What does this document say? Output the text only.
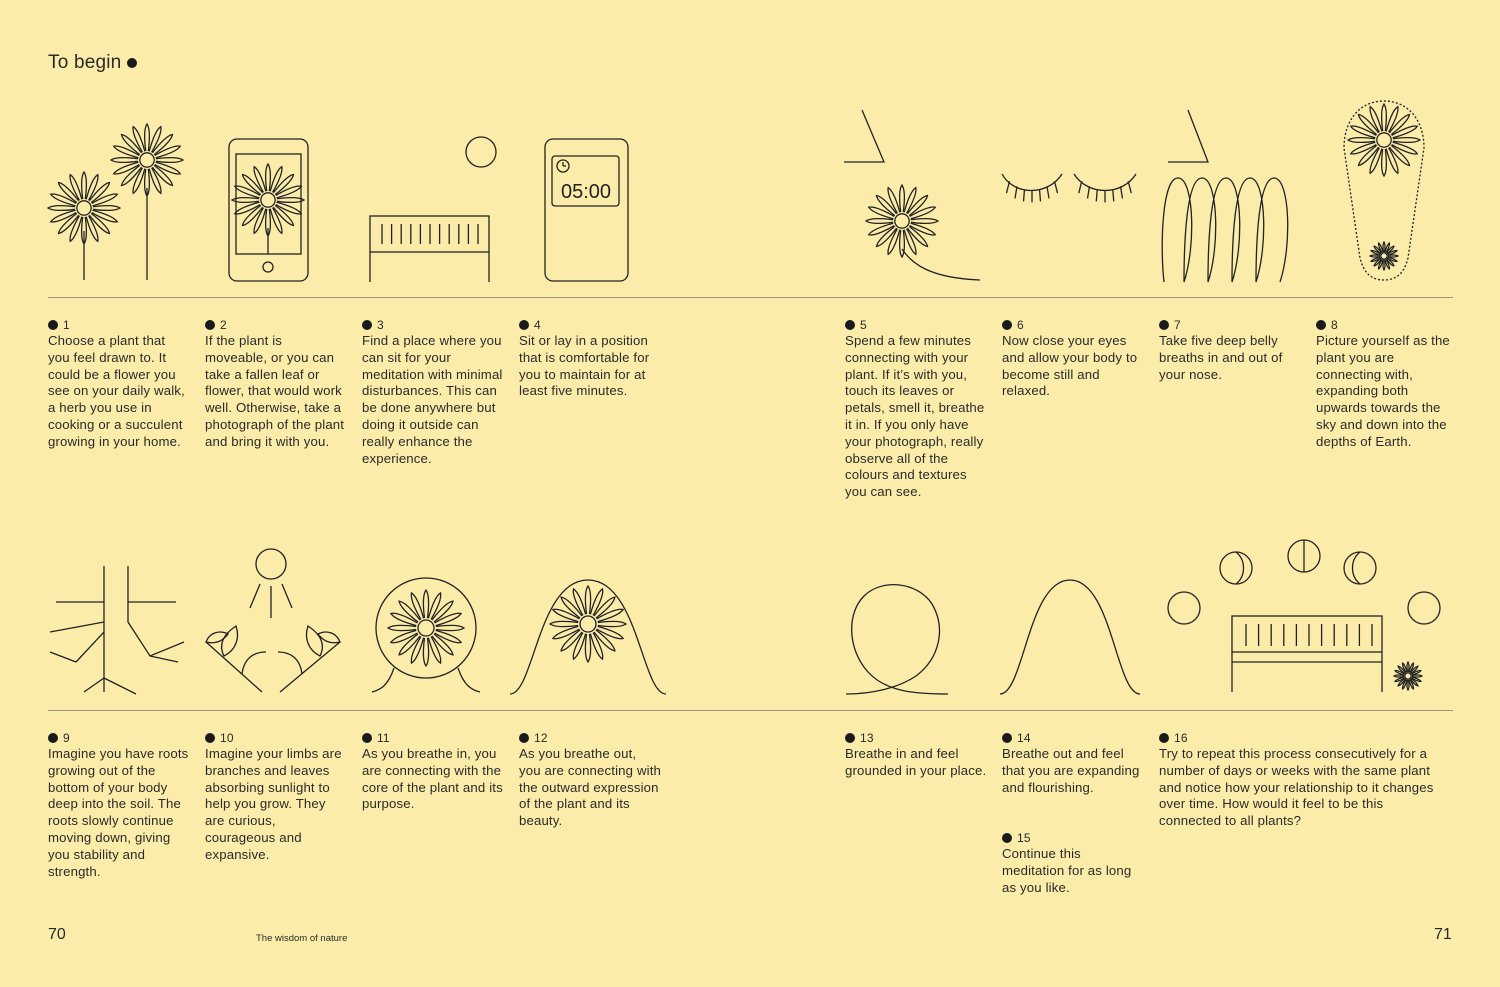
To begin
05:00
1
Choose a plant that you feel drawn to. It could be a flower you see on your daily walk, a herb you use in cooking or a succulent growing in your home.
2
If the plant is moveable, or you can take a fallen leaf or flower, that would work well. Otherwise, take a photograph of the plant and bring it with you.
3
Find a place where you can sit for your meditation with minimal disturbances. This can be done anywhere but doing it outside can really enhance the experience.
4
Sit or lay in a position that is comfortable for you to maintain for at least five minutes.
5
Spend a few minutes connecting with your plant. If it’s with you, touch its leaves or petals, smell it, breathe it in. If you only have your photograph, really observe all of the colours and textures you can see.
6
Now close your eyes and allow your body to become still and relaxed.
7
Take five deep belly breaths in and out of your nose.
8
Picture yourself as the plant you are connecting with, expanding both upwards towards the sky and down into the depths of Earth.
9
Imagine you have roots growing out of the bottom of your body deep into the soil. The roots slowly continue moving down, giving you stability and strength.
10
Imagine your limbs are branches and leaves absorbing sunlight to help you grow. They are curious, courageous and expansive.
11
As you breathe in, you are connecting with the core of the plant and its purpose.
12
As you breathe out, you are connecting with the outward expression of the plant and its beauty.
13
Breathe in and feel grounded in your place.
14
Breathe out and feel that you are expanding and flourishing.
15
Continue this meditation for as long as you like.
16
Try to repeat this process consecutively for a number of days or weeks with the same plant and notice how your relationship to it changes over time. How would it feel to be this connected to all plants?
70	The wisdom of nature	71
